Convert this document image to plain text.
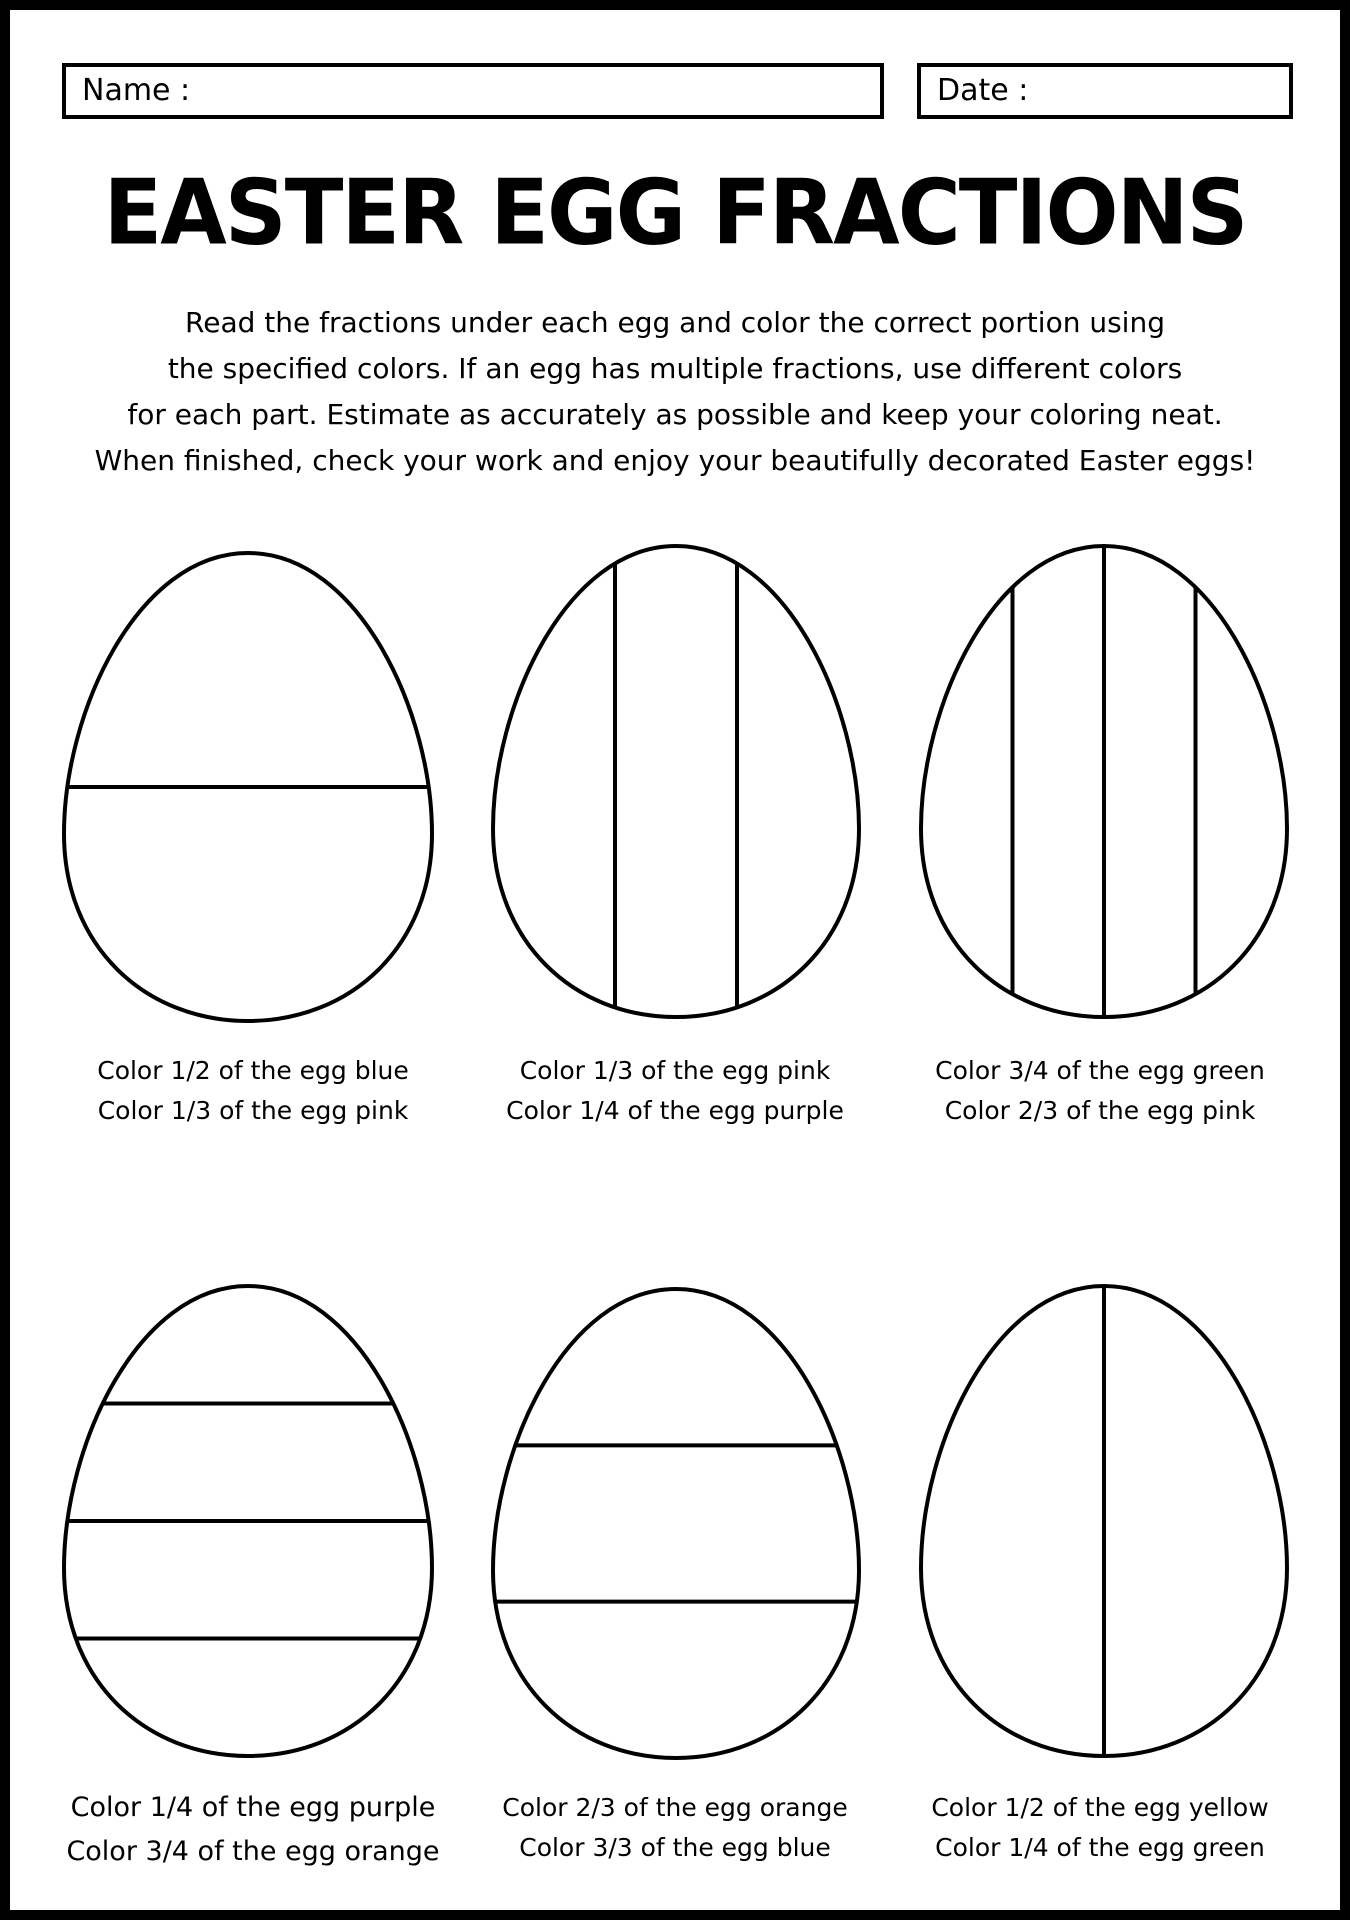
Name :	Date :
EASTER EGG FRACTIONS
Read the fractions under each egg and color the correct portion using
the specified colors. If an egg has multiple fractions, use different colors
for each part. Estimate as accurately as possible and keep your coloring neat.
When finished, check your work and enjoy your beautifully decorated Easter eggs!
Color 1/2 of the egg blue
Color 1/3 of the egg pink
Color 1/3 of the egg pink
Color 1/4 of the egg purple
Color 3/4 of the egg green
Color 2/3 of the egg pink
Color 1/4 of the egg purple
Color 3/4 of the egg orange
Color 2/3 of the egg orange
Color 3/3 of the egg blue
Color 1/2 of the egg yellow
Color 1/4 of the egg green
